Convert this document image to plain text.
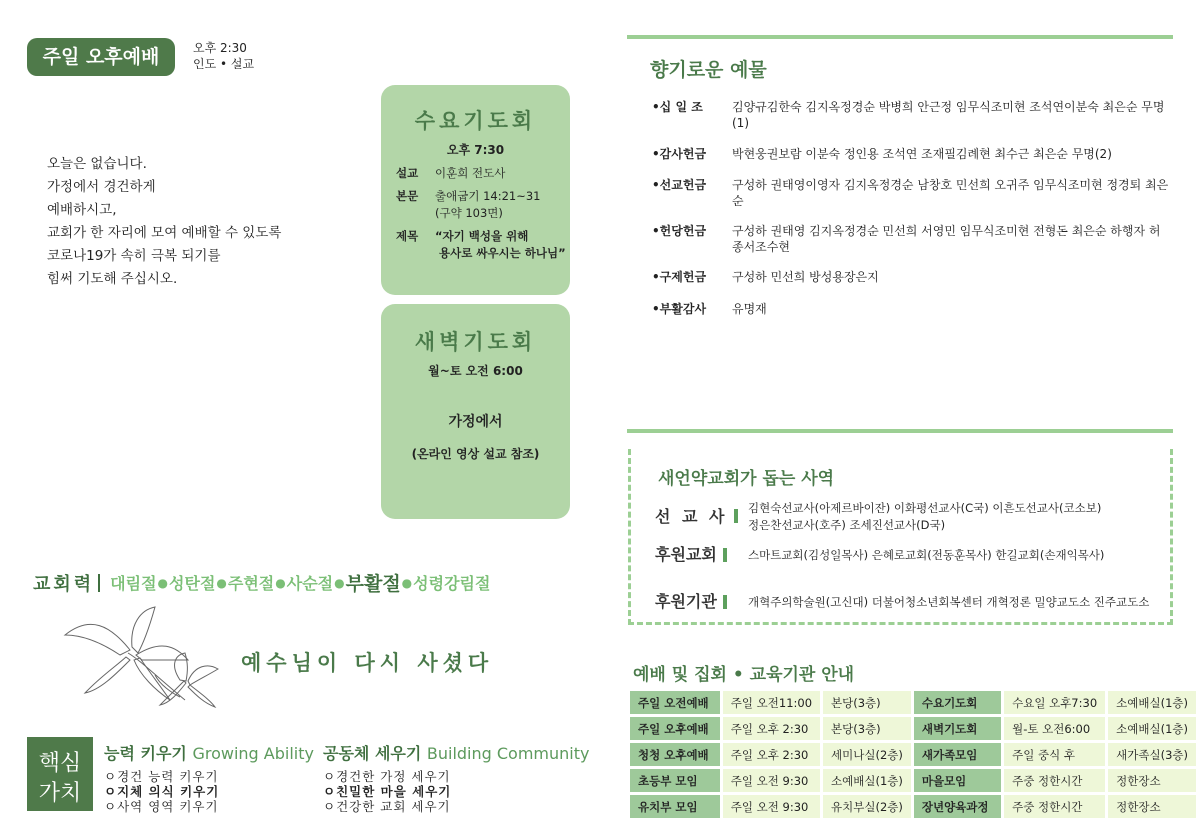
주일 오후예배	오후 2:30
인도 • 설교
오늘은 없습니다.
가정에서 경건하게
예배하시고,
교회가 한 자리에 모여 예배할 수 있도록
코로나19가 속히 극복 되기를
힘써 기도해 주십시오.
수요기도회
오후 7:30
설교	이훈희 전도사
본문	출애굽기 14:21~31
(구약 103면)
제목	“자기 백성을 위해
용사로 싸우시는 하나님”
새벽기도회
월~토 오전 6:00
가정에서
(온라인 영상 설교 참조)
교회력 대림절 ● 성탄절 ● 주현절 ● 사순절 ● 부활절 ● 성령강림절
예수님이 다시 사셨다
핵심
가치
능력 키우기 Growing Ability
ㅇ경건 능력 키우기
ㅇ지체 의식 키우기
ㅇ사역 영역 키우기
공동체 세우기 Building Community
ㅇ경건한 가정 세우기
ㅇ친밀한 마을 세우기
ㅇ건강한 교회 세우기
향기로운 예물
•십 일 조	김양규김한숙 김지옥정경순 박병희 안근정 임무식조미현 조석연이분숙 최은순 무명(1)
•감사헌금	박현웅권보람 이분숙 정인용 조석연 조재필김례현 최수근 최은순 무명(2)
•선교헌금	구성하 권태영이영자 김지옥정경순 남창호 민선희 오귀주 임무식조미현 정경퇴 최은순
•헌당헌금	구성하 권태영 김지옥정경순 민선희 서영민 임무식조미현 전형돈 최은순 하행자 허종서조수현
•구제헌금	구성하 민선희 방성용장은지
•부활감사	유명재
새언약교회가 돕는 사역
선 교 사 김현숙선교사(아제르바이잔) 이화평선교사(C국) 이흔도선교사(코소보)
정은찬선교사(호주) 조세진선교사(D국)
후원교회	스마트교회(김성일목사) 은혜로교회(전동훈목사) 한길교회(손재익목사)
후원기관	개혁주의학술원(고신대) 더불어청소년회복센터 개혁정론 밀양교도소 진주교도소
예배 및 집회 • 교육기관 안내
주일 오전예배	주일 오전11:00	본당(3층)	수요기도회	수요일 오후7:30	소예배실(1층)
주일 오후예배	주일 오후 2:30	본당(3층)	새벽기도회	월-토 오전6:00	소예배실(1층)
청청 오후예배	주일 오후 2:30	세미나실(2층)	새가족모임	주일 중식 후	새가족실(3층)
초등부 모임	주일 오전 9:30	소예배실(1층)	마을모임	주중 정한시간	정한장소
유치부 모임	주일 오전 9:30	유치부실(2층)	장년양육과정	주중 정한시간	정한장소
